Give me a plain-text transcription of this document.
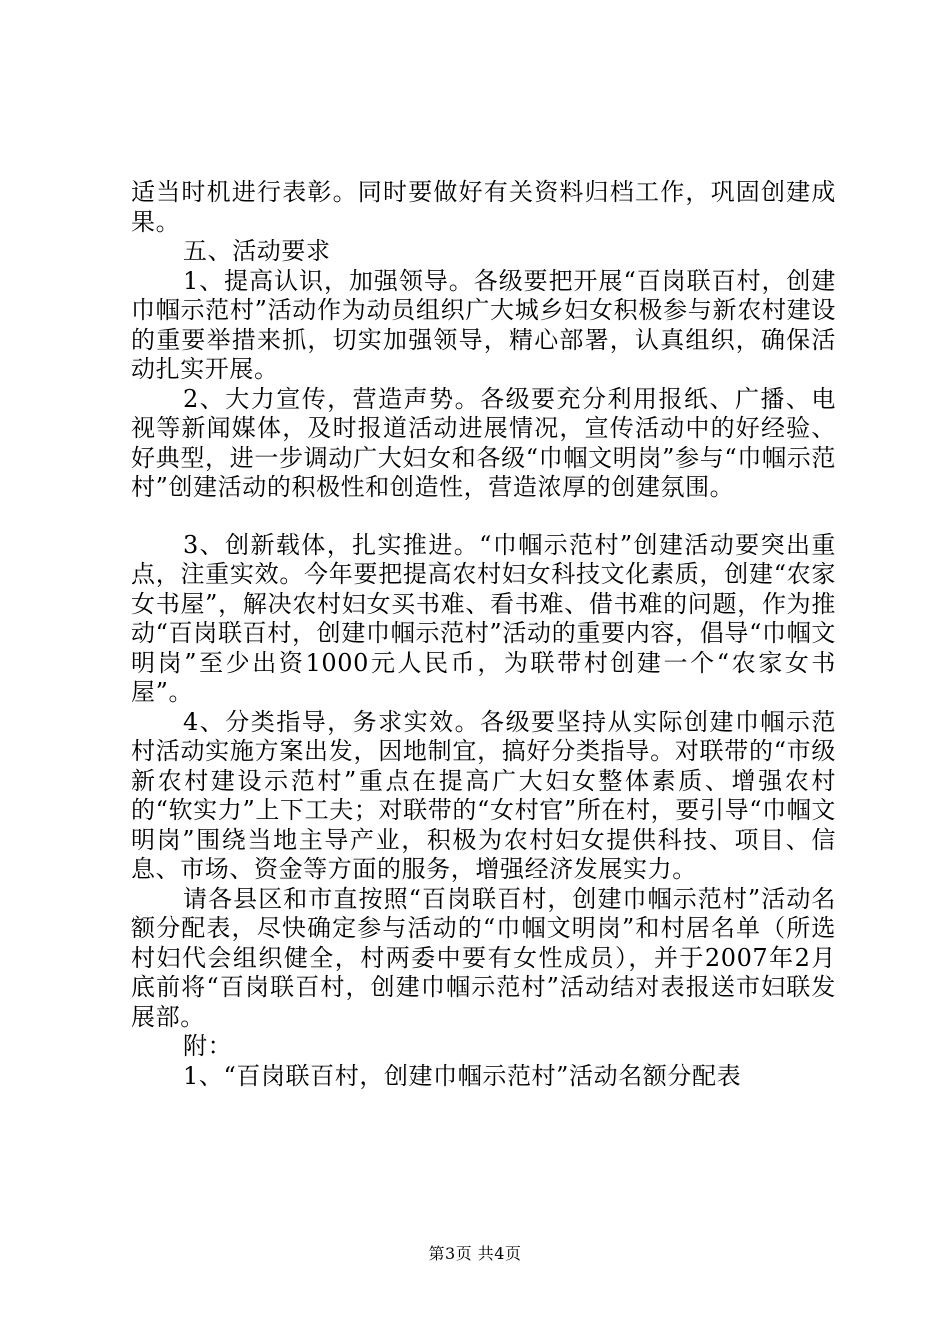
适当时机进行表彰。同时要做好有关资料归档工作，巩固创建成果。

五、活动要求

1、提高认识，加强领导。各级要把开展“百岗联百村，创建巾帼示范村”活动作为动员组织广大城乡妇女积极参与新农村建设的重要举措来抓，切实加强领导，精心部署，认真组织，确保活动扎实开展。

2、大力宣传，营造声势。各级要充分利用报纸、广播、电视等新闻媒体，及时报道活动进展情况，宣传活动中的好经验、好典型，进一步调动广大妇女和各级“巾帼文明岗”参与“巾帼示范村”创建活动的积极性和创造性，营造浓厚的创建氛围。

3、创新载体，扎实推进。“巾帼示范村”创建活动要突出重点，注重实效。今年要把提高农村妇女科技文化素质，创建“农家女书屋”，解决农村妇女买书难、看书难、借书难的问题，作为推动“百岗联百村，创建巾帼示范村”活动的重要内容，倡导“巾帼文明岗”至少出资1000元人民币，为联带村创建一个“农家女书屋”。

4、分类指导，务求实效。各级要坚持从实际创建巾帼示范村活动实施方案出发，因地制宜，搞好分类指导。对联带的“市级新农村建设示范村”重点在提高广大妇女整体素质、增强农村的“软实力”上下工夫；对联带的“女村官”所在村，要引导“巾帼文明岗”围绕当地主导产业，积极为农村妇女提供科技、项目、信息、市场、资金等方面的服务，增强经济发展实力。

请各县区和市直按照“百岗联百村，创建巾帼示范村”活动名额分配表，尽快确定参与活动的“巾帼文明岗”和村居名单（所选村妇代会组织健全，村两委中要有女性成员），并于2007年2月底前将“百岗联百村，创建巾帼示范村”活动结对表报送市妇联发展部。

附：

1、“百岗联百村，创建巾帼示范村”活动名额分配表

第3页 共4页
